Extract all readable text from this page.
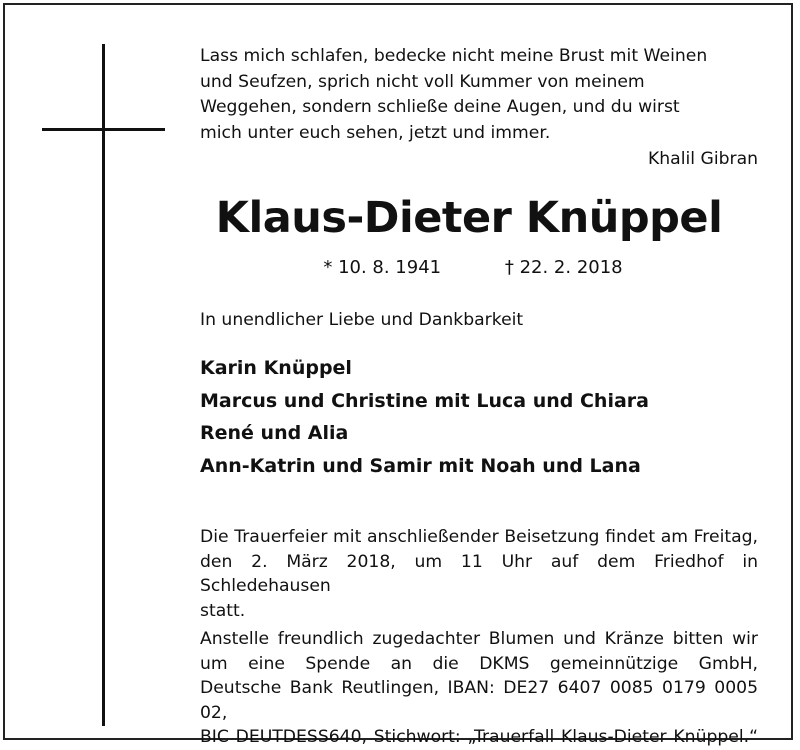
Lass mich schlafen, bedecke nicht meine Brust mit Weinen
und Seufzen, sprich nicht voll Kummer von meinem
Weggehen, sondern schließe deine Augen, und du wirst
mich unter euch sehen, jetzt und immer.
Khalil Gibran
Klaus-Dieter Knüppel
* 10. 8. 1941	† 22. 2. 2018
In unendlicher Liebe und Dankbarkeit
Karin Knüppel
Marcus und Christine mit Luca und Chiara
René und Alia
Ann-Katrin und Samir mit Noah und Lana
Die Trauerfeier mit anschließender Beisetzung findet am Freitag,
den 2. März 2018, um 11 Uhr auf dem Friedhof in Schledehausen
statt.
Anstelle freundlich zugedachter Blumen und Kränze bitten wir
um eine Spende an die DKMS gemeinnützige GmbH,
Deutsche Bank Reutlingen, IBAN: DE27 6407 0085 0179 0005 02,
BIC DEUTDESS640, Stichwort: „Trauerfall Klaus-Dieter Knüppel.“
